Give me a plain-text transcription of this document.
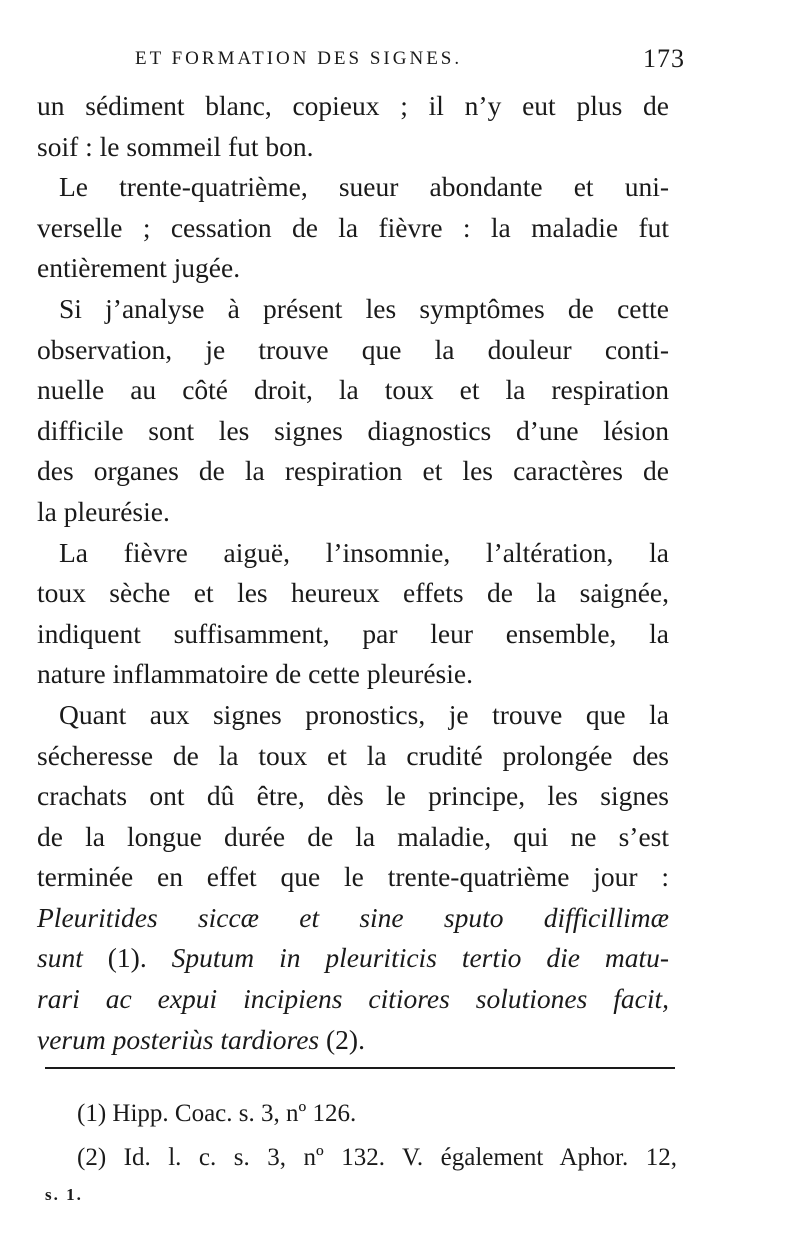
ET FORMATION DES SIGNES.	173
un sédiment blanc, copieux ; il n’y eut plus de
soif : le sommeil fut bon.
Le trente-quatrième, sueur abondante et uni-
verselle ; cessation de la fièvre : la maladie fut
entièrement jugée.
Si j’analyse à présent les symptômes de cette
observation, je trouve que la douleur conti-
nuelle au côté droit, la toux et la respiration
difficile sont les signes diagnostics d’une lésion
des organes de la respiration et les caractères de
la pleurésie.
La fièvre aiguë, l’insomnie, l’altération, la
toux sèche et les heureux effets de la saignée,
indiquent suffisamment, par leur ensemble, la
nature inflammatoire de cette pleurésie.
Quant aux signes pronostics, je trouve que la
sécheresse de la toux et la crudité prolongée des
crachats ont dû être, dès le principe, les signes
de la longue durée de la maladie, qui ne s’est
terminée en effet que le trente-quatrième jour :
Pleuritides siccæ et sine sputo difficillimæ
sunt (1). Sputum in pleuriticis tertio die matu-
rari ac expui incipiens citiores solutiones facit,
verum posteriùs tardiores (2).
(1) Hipp. Coac. s. 3, nº 126.
(2) Id. l. c. s. 3, nº 132. V. également Aphor. 12,
s. 1.
